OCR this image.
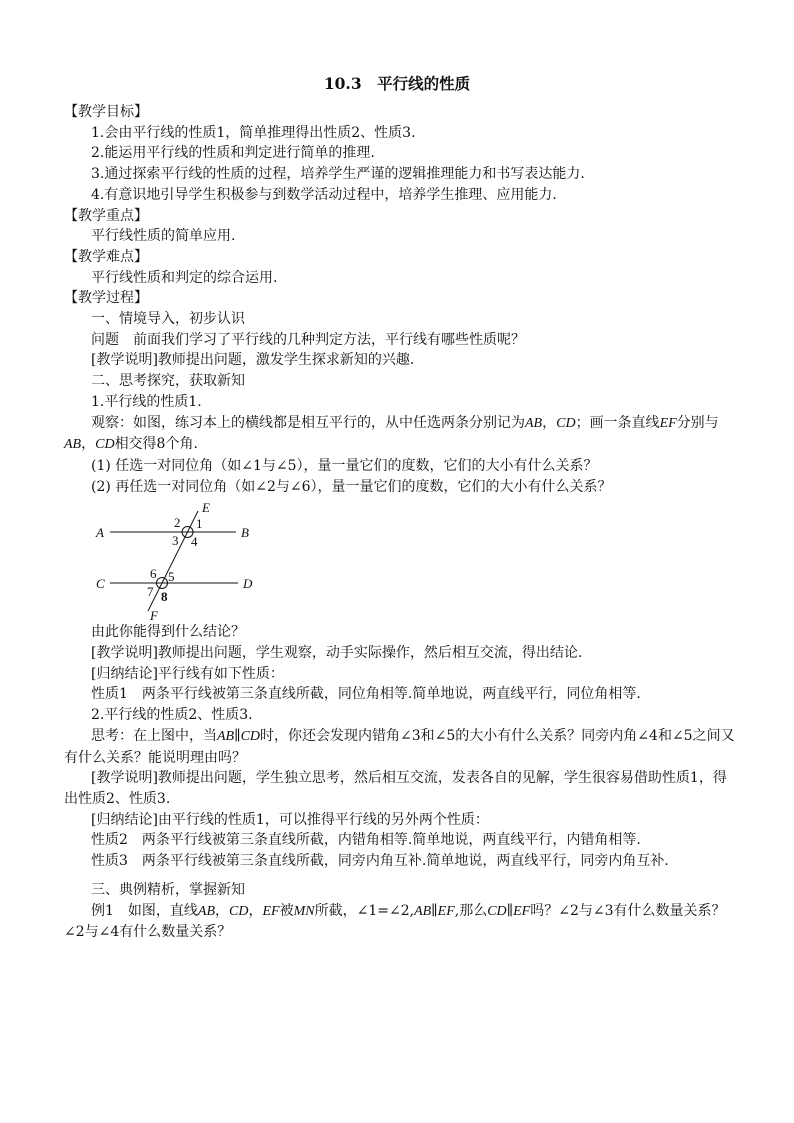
10.3　平行线的性质

【教学目标】

1.会由平行线的性质1，简单推理得出性质2、性质3.

2.能运用平行线的性质和判定进行简单的推理.

3.通过探索平行线的性质的过程，培养学生严谨的逻辑推理能力和书写表达能力.

4.有意识地引导学生积极参与到数学活动过程中，培养学生推理、应用能力.

【教学重点】

平行线性质的简单应用.

【教学难点】

平行线性质和判定的综合运用.

【教学过程】

一、情境导入，初步认识

问题　前面我们学习了平行线的几种判定方法，平行线有哪些性质呢？

[教学说明]教师提出问题，激发学生探求新知的兴趣.

二、思考探究，获取新知

1.平行线的性质1.

观察：如图，练习本上的横线都是相互平行的，从中任选两条分别记为AB，CD；画一条直线EF分别与AB，CD相交得8个角.

(1) 任选一对同位角（如∠1与∠5），量一量它们的度数，它们的大小有什么关系？

(2) 再任选一对同位角（如∠2与∠6），量一量它们的度数，它们的大小有什么关系？

A	B
C	D
E
F
1
2
3 4
5
6
7 8

由此你能得到什么结论？

[教学说明]教师提出问题，学生观察，动手实际操作，然后相互交流，得出结论.

[归纳结论]平行线有如下性质：

性质1　两条平行线被第三条直线所截，同位角相等.简单地说，两直线平行，同位角相等.

2.平行线的性质2、性质3.

思考：在上图中，当AB∥CD时，你还会发现内错角∠3和∠5的大小有什么关系？同旁内角∠4和∠5之间又有什么关系？能说明理由吗？

[教学说明]教师提出问题，学生独立思考，然后相互交流，发表各自的见解，学生很容易借助性质1，得出性质2、性质3.

[归纳结论]由平行线的性质1，可以推得平行线的另外两个性质：

性质2　两条平行线被第三条直线所截，内错角相等.简单地说，两直线平行，内错角相等.

性质3　两条平行线被第三条直线所截，同旁内角互补.简单地说，两直线平行，同旁内角互补.

三、典例精析，掌握新知

例1　如图，直线AB，CD，EF被MN所截，∠1=∠2,AB∥EF,那么CD∥EF吗？∠2与∠3有什么数量关系？∠2与∠4有什么数量关系？
